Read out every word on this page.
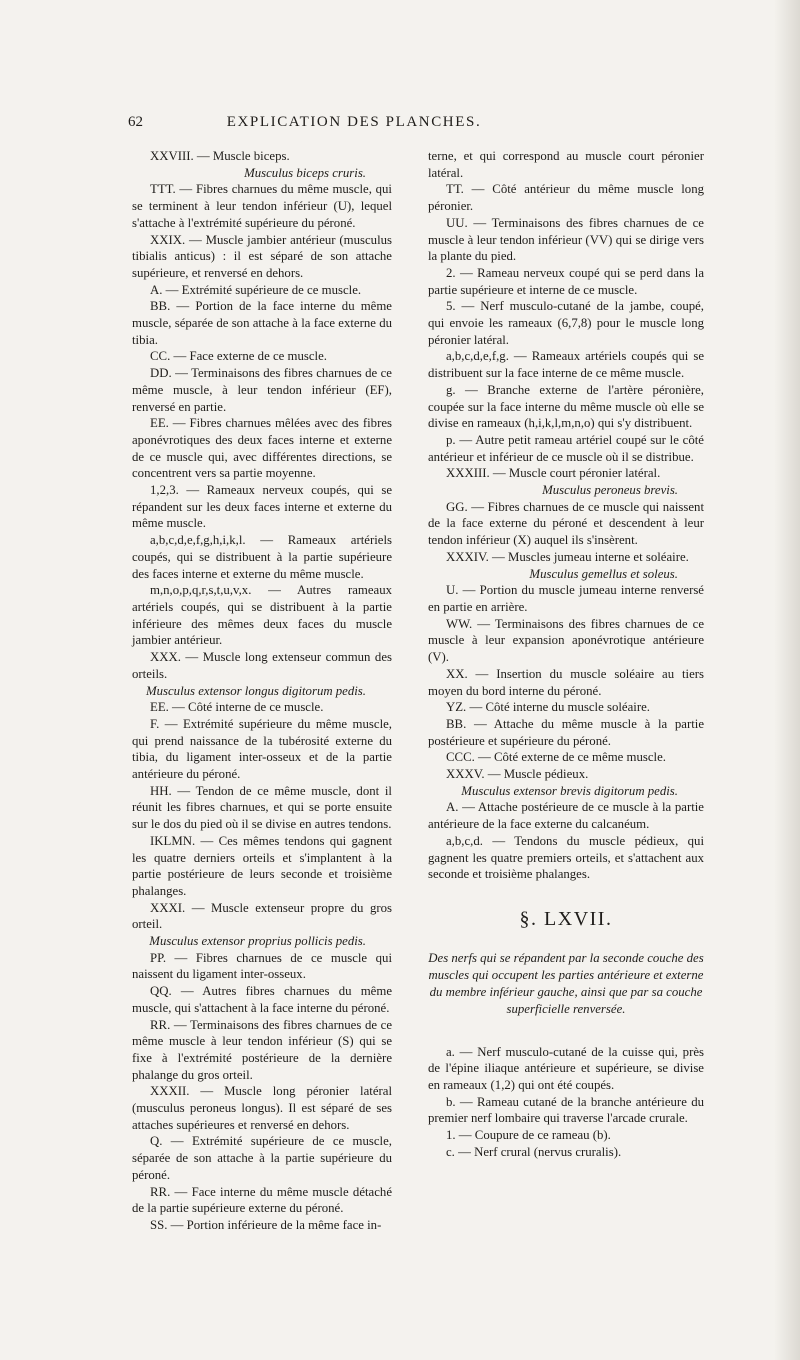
62	EXPLICATION DES PLANCHES.

XXVIII. — Muscle biceps.

Musculus biceps cruris.

TTT. — Fibres charnues du même muscle, qui se terminent à leur tendon inférieur (U), lequel s'attache à l'extrémité supérieure du péroné.

XXIX. — Muscle jambier antérieur (musculus tibialis anticus) : il est séparé de son attache supérieure, et renversé en dehors.

A. — Extrémité supérieure de ce muscle.

BB. — Portion de la face interne du même muscle, séparée de son attache à la face externe du tibia.

CC. — Face externe de ce muscle.

DD. — Terminaisons des fibres charnues de ce même muscle, à leur tendon inférieur (EF), renversé en partie.

EE. — Fibres charnues mêlées avec des fibres aponévrotiques des deux faces interne et externe de ce muscle qui, avec différentes directions, se concentrent vers sa partie moyenne.

1,2,3. — Rameaux nerveux coupés, qui se répandent sur les deux faces interne et externe du même muscle.

a,b,c,d,e,f,g,h,i,k,l. — Rameaux artériels coupés, qui se distribuent à la partie supérieure des faces interne et externe du même muscle.

m,n,o,p,q,r,s,t,u,v,x. — Autres rameaux artériels coupés, qui se distribuent à la partie inférieure des mêmes deux faces du muscle jambier antérieur.

XXX. — Muscle long extenseur commun des orteils.

Musculus extensor longus digitorum pedis.

EE. — Côté interne de ce muscle.

F. — Extrémité supérieure du même muscle, qui prend naissance de la tubérosité externe du tibia, du ligament inter-osseux et de la partie antérieure du péroné.

HH. — Tendon de ce même muscle, dont il réunit les fibres charnues, et qui se porte ensuite sur le dos du pied où il se divise en autres tendons.

IKLMN. — Ces mêmes tendons qui gagnent les quatre derniers orteils et s'implantent à la partie postérieure de leurs seconde et troisième phalanges.

XXXI. — Muscle extenseur propre du gros orteil.

Musculus extensor proprius pollicis pedis.

PP. — Fibres charnues de ce muscle qui naissent du ligament inter-osseux.

QQ. — Autres fibres charnues du même muscle, qui s'attachent à la face interne du péroné.

RR. — Terminaisons des fibres charnues de ce même muscle à leur tendon inférieur (S) qui se fixe à l'extrémité postérieure de la dernière phalange du gros orteil.

XXXII. — Muscle long péronier latéral (musculus peroneus longus). Il est séparé de ses attaches supérieures et renversé en dehors.

Q. — Extrémité supérieure de ce muscle, séparée de son attache à la partie supérieure du péroné.

RR. — Face interne du même muscle détaché de la partie supérieure externe du péroné.

SS. — Portion inférieure de la même face in-

terne, et qui correspond au muscle court péronier latéral.

TT. — Côté antérieur du même muscle long péronier.

UU. — Terminaisons des fibres charnues de ce muscle à leur tendon inférieur (VV) qui se dirige vers la plante du pied.

2. — Rameau nerveux coupé qui se perd dans la partie supérieure et interne de ce muscle.

5. — Nerf musculo-cutané de la jambe, coupé, qui envoie les rameaux (6,7,8) pour le muscle long péronier latéral.

a,b,c,d,e,f,g. — Rameaux artériels coupés qui se distribuent sur la face interne de ce même muscle.

g. — Branche externe de l'artère péronière, coupée sur la face interne du même muscle où elle se divise en rameaux (h,i,k,l,m,n,o) qui s'y distribuent.

p. — Autre petit rameau artériel coupé sur le côté antérieur et inférieur de ce muscle où il se distribue.

XXXIII. — Muscle court péronier latéral.

Musculus peroneus brevis.

GG. — Fibres charnues de ce muscle qui naissent de la face externe du péroné et descendent à leur tendon inférieur (X) auquel ils s'insèrent.

XXXIV. — Muscles jumeau interne et soléaire.

Musculus gemellus et soleus.

U. — Portion du muscle jumeau interne renversé en partie en arrière.

WW. — Terminaisons des fibres charnues de ce muscle à leur expansion aponévrotique antérieure (V).

XX. — Insertion du muscle soléaire au tiers moyen du bord interne du péroné.

YZ. — Côté interne du muscle soléaire.

BB. — Attache du même muscle à la partie postérieure et supérieure du péroné.

CCC. — Côté externe de ce même muscle.

XXXV. — Muscle pédieux.

Musculus extensor brevis digitorum pedis.

A. — Attache postérieure de ce muscle à la partie antérieure de la face externe du calcanéum.

a,b,c,d. — Tendons du muscle pédieux, qui gagnent les quatre premiers orteils, et s'attachent aux seconde et troisième phalanges.

§. LXVII.
Des nerfs qui se répandent par la seconde couche des muscles qui occupent les parties antérieure et externe du membre inférieur gauche, ainsi que par sa couche superficielle renversée.

a. — Nerf musculo-cutané de la cuisse qui, près de l'épine iliaque antérieure et supérieure, se divise en rameaux (1,2) qui ont été coupés.

b. — Rameau cutané de la branche antérieure du premier nerf lombaire qui traverse l'arcade crurale.

1. — Coupure de ce rameau (b).

c. — Nerf crural (nervus cruralis).
